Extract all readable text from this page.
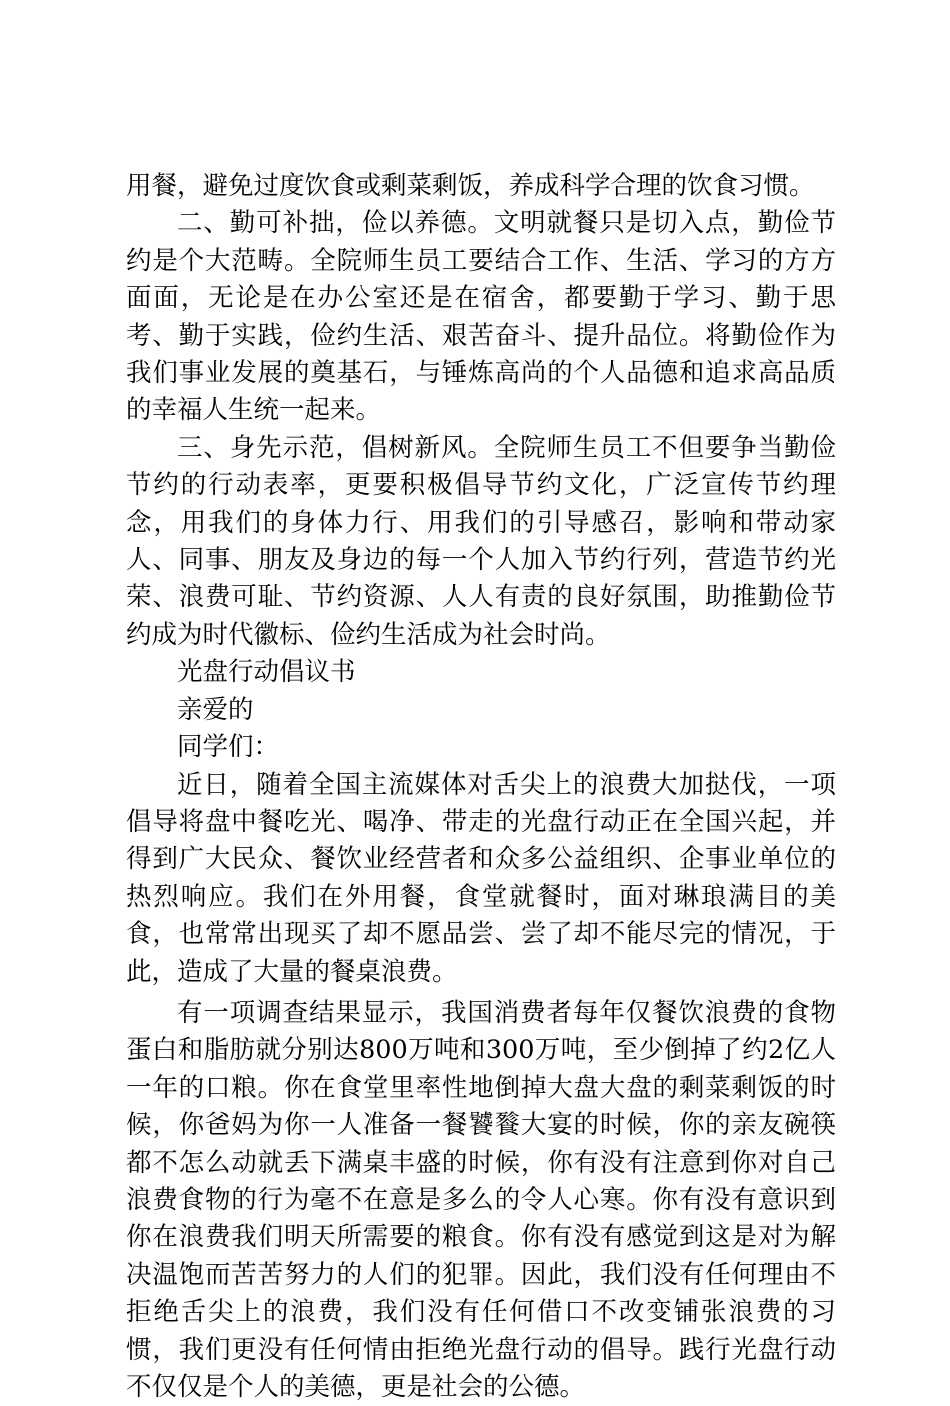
用餐，避免过度饮食或剩菜剩饭，养成科学合理的饮食习惯。

二、勤可补拙，俭以养德。文明就餐只是切入点，勤俭节约是个大范畴。全院师生员工要结合工作、生活、学习的方方面面，无论是在办公室还是在宿舍，都要勤于学习、勤于思考、勤于实践，俭约生活、艰苦奋斗、提升品位。将勤俭作为我们事业发展的奠基石，与锤炼高尚的个人品德和追求高品质的幸福人生统一起来。

三、身先示范，倡树新风。全院师生员工不但要争当勤俭节约的行动表率，更要积极倡导节约文化，广泛宣传节约理念，用我们的身体力行、用我们的引导感召，影响和带动家人、同事、朋友及身边的每一个人加入节约行列，营造节约光荣、浪费可耻、节约资源、人人有责的良好氛围，助推勤俭节约成为时代徽标、俭约生活成为社会时尚。

光盘行动倡议书

亲爱的

同学们：

近日，随着全国主流媒体对舌尖上的浪费大加挞伐，一项倡导将盘中餐吃光、喝净、带走的光盘行动正在全国兴起，并得到广大民众、餐饮业经营者和众多公益组织、企事业单位的热烈响应。我们在外用餐，食堂就餐时，面对琳琅满目的美食，也常常出现买了却不愿品尝、尝了却不能尽完的情况，于此，造成了大量的餐桌浪费。

有一项调查结果显示，我国消费者每年仅餐饮浪费的食物蛋白和脂肪就分别达800万吨和300万吨，至少倒掉了约2亿人一年的口粮。你在食堂里率性地倒掉大盘大盘的剩菜剩饭的时候，你爸妈为你一人准备一餐饕餮大宴的时候，你的亲友碗筷都不怎么动就丢下满桌丰盛的时候，你有没有注意到你对自己浪费食物的行为毫不在意是多么的令人心寒。你有没有意识到你在浪费我们明天所需要的粮食。你有没有感觉到这是对为解决温饱而苦苦努力的人们的犯罪。因此，我们没有任何理由不拒绝舌尖上的浪费，我们没有任何借口不改变铺张浪费的习惯，我们更没有任何情由拒绝光盘行动的倡导。践行光盘行动不仅仅是个人的美德，更是社会的公德。
